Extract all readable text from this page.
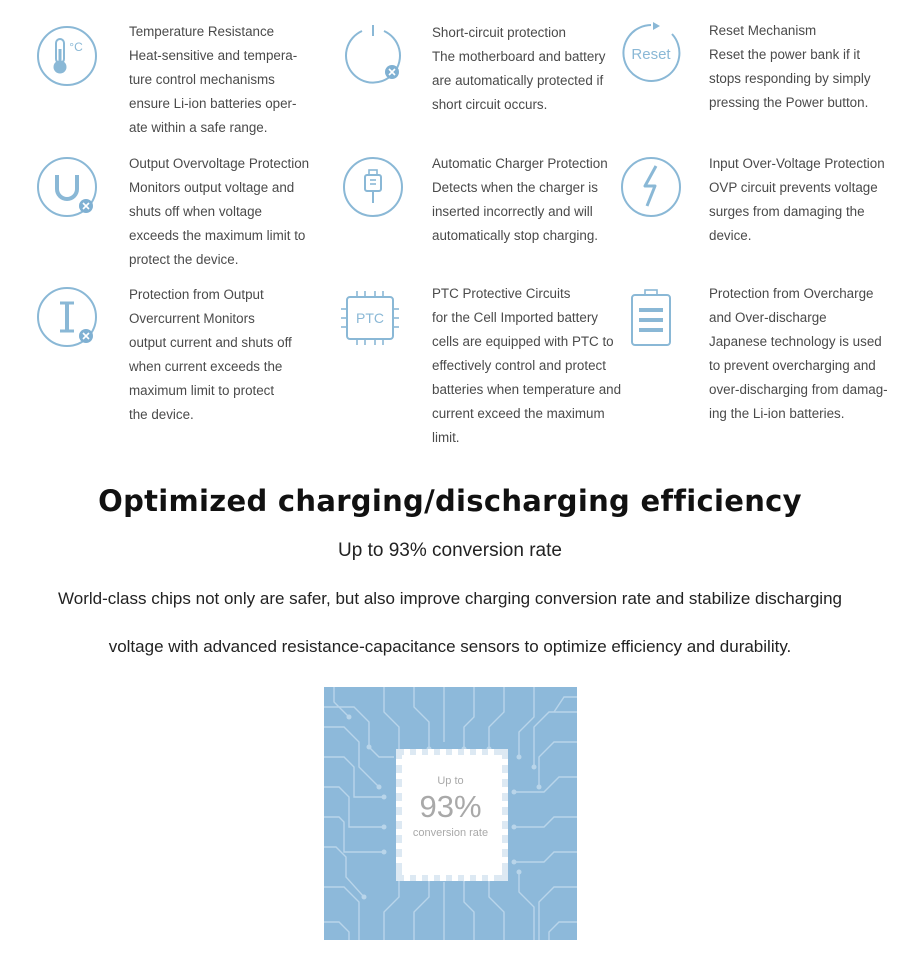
°C
Temperature Resistance
Heat-sensitive and tempera-
ture control mechanisms
ensure Li-ion batteries oper-
ate within a safe range.
Short-circuit protection
The motherboard and battery
are automatically protected if
short circuit occurs.
Reset
Reset Mechanism
Reset the power bank if it
stops responding by simply
pressing the Power button.
Output Overvoltage Protection
Monitors output voltage and
shuts off when voltage
exceeds the maximum limit to
protect the device.
Automatic Charger Protection
Detects when the charger is
inserted incorrectly and will
automatically stop charging.
Input Over-Voltage Protection
OVP circuit prevents voltage
surges from damaging the
device.
Protection from Output
Overcurrent Monitors
output current and shuts off
when current exceeds the
maximum limit to protect
the device.
PTC
PTC Protective Circuits
for the Cell Imported battery
cells are equipped with PTC to
effectively control and protect
batteries when temperature and
current exceed the maximum
limit.
Protection from Overcharge
and Over-discharge
Japanese technology is used
to prevent overcharging and
over-discharging from damag-
ing the Li-ion batteries.
Optimized charging/discharging efficiency
Up to 93% conversion rate
World-class chips not only are safer, but also improve charging conversion rate and stabilize discharging
voltage with advanced resistance-capacitance sensors to optimize efficiency and durability.
Up to
93%
conversion rate
